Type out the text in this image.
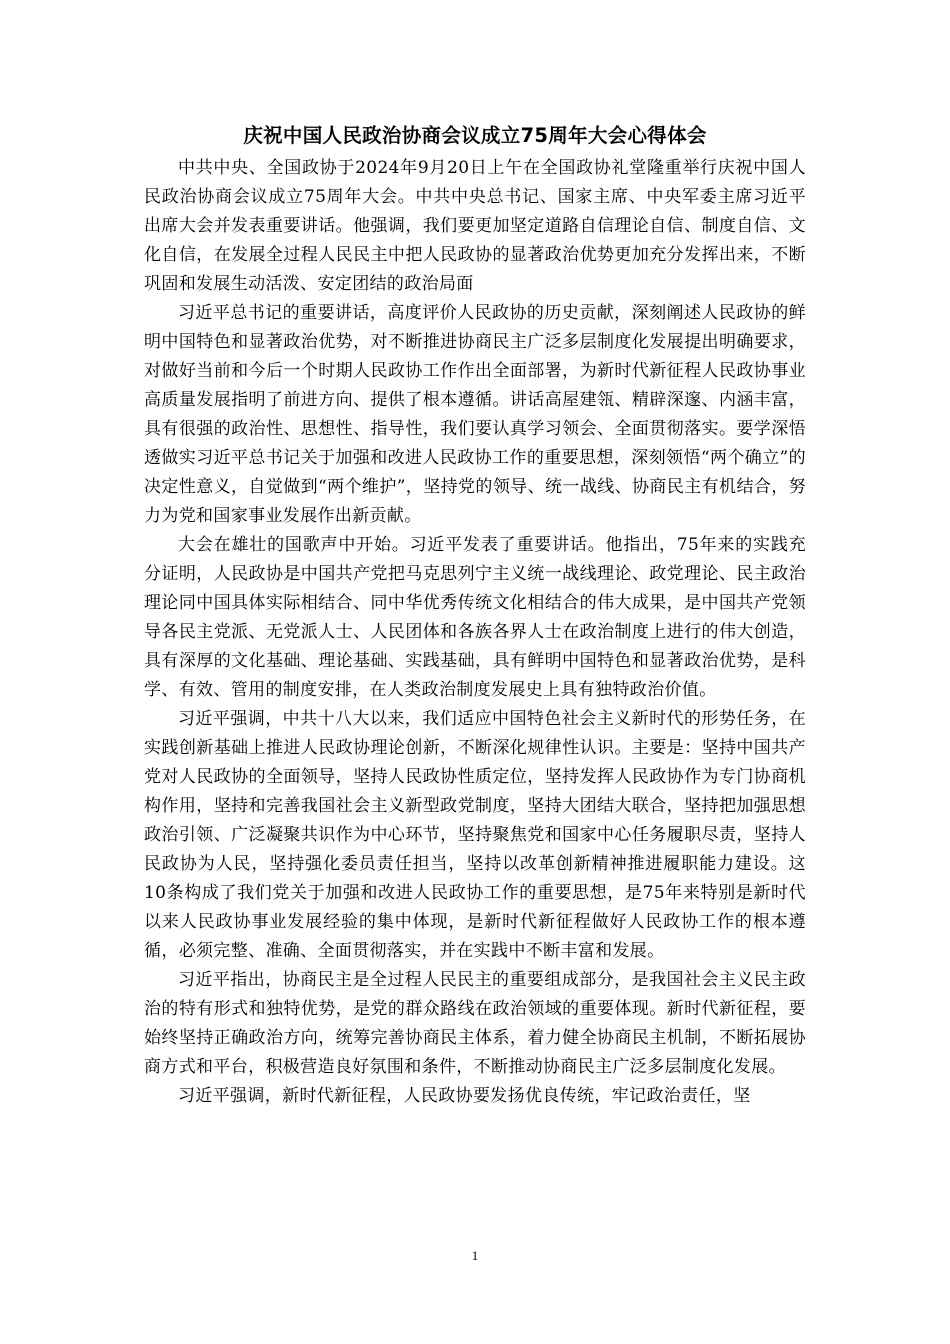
庆祝中国人民政治协商会议成立75周年大会心得体会

中共中央、全国政协于2024年9月20日上午在全国政协礼堂隆重举行庆祝中国人民政治协商会议成立75周年大会。中共中央总书记、国家主席、中央军委主席习近平出席大会并发表重要讲话。他强调，我们要更加坚定道路自信理论自信、制度自信、文化自信，在发展全过程人民民主中把人民政协的显著政治优势更加充分发挥出来，不断巩固和发展生动活泼、安定团结的政治局面

习近平总书记的重要讲话，高度评价人民政协的历史贡献，深刻阐述人民政协的鲜明中国特色和显著政治优势，对不断推进协商民主广泛多层制度化发展提出明确要求，对做好当前和今后一个时期人民政协工作作出全面部署，为新时代新征程人民政协事业高质量发展指明了前进方向、提供了根本遵循。讲话高屋建瓴、精辟深邃、内涵丰富，具有很强的政治性、思想性、指导性，我们要认真学习领会、全面贯彻落实。要学深悟透做实习近平总书记关于加强和改进人民政协工作的重要思想，深刻领悟“两个确立”的决定性意义，自觉做到“两个维护”，坚持党的领导、统一战线、协商民主有机结合，努力为党和国家事业发展作出新贡献。

大会在雄壮的国歌声中开始。习近平发表了重要讲话。他指出，75年来的实践充分证明，人民政协是中国共产党把马克思列宁主义统一战线理论、政党理论、民主政治理论同中国具体实际相结合、同中华优秀传统文化相结合的伟大成果，是中国共产党领导各民主党派、无党派人士、人民团体和各族各界人士在政治制度上进行的伟大创造，具有深厚的文化基础、理论基础、实践基础，具有鲜明中国特色和显著政治优势，是科学、有效、管用的制度安排，在人类政治制度发展史上具有独特政治价值。

习近平强调，中共十八大以来，我们适应中国特色社会主义新时代的形势任务，在实践创新基础上推进人民政协理论创新，不断深化规律性认识。主要是：坚持中国共产党对人民政协的全面领导，坚持人民政协性质定位，坚持发挥人民政协作为专门协商机构作用，坚持和完善我国社会主义新型政党制度，坚持大团结大联合，坚持把加强思想政治引领、广泛凝聚共识作为中心环节，坚持聚焦党和国家中心任务履职尽责，坚持人民政协为人民，坚持强化委员责任担当，坚持以改革创新精神推进履职能力建设。这10条构成了我们党关于加强和改进人民政协工作的重要思想，是75年来特别是新时代以来人民政协事业发展经验的集中体现，是新时代新征程做好人民政协工作的根本遵循，必须完整、准确、全面贯彻落实，并在实践中不断丰富和发展。

习近平指出，协商民主是全过程人民民主的重要组成部分，是我国社会主义民主政治的特有形式和独特优势，是党的群众路线在政治领域的重要体现。新时代新征程，要始终坚持正确政治方向，统筹完善协商民主体系，着力健全协商民主机制，不断拓展协商方式和平台，积极营造良好氛围和条件，不断推动协商民主广泛多层制度化发展。

习近平强调，新时代新征程，人民政协要发扬优良传统，牢记政治责任，坚

1
